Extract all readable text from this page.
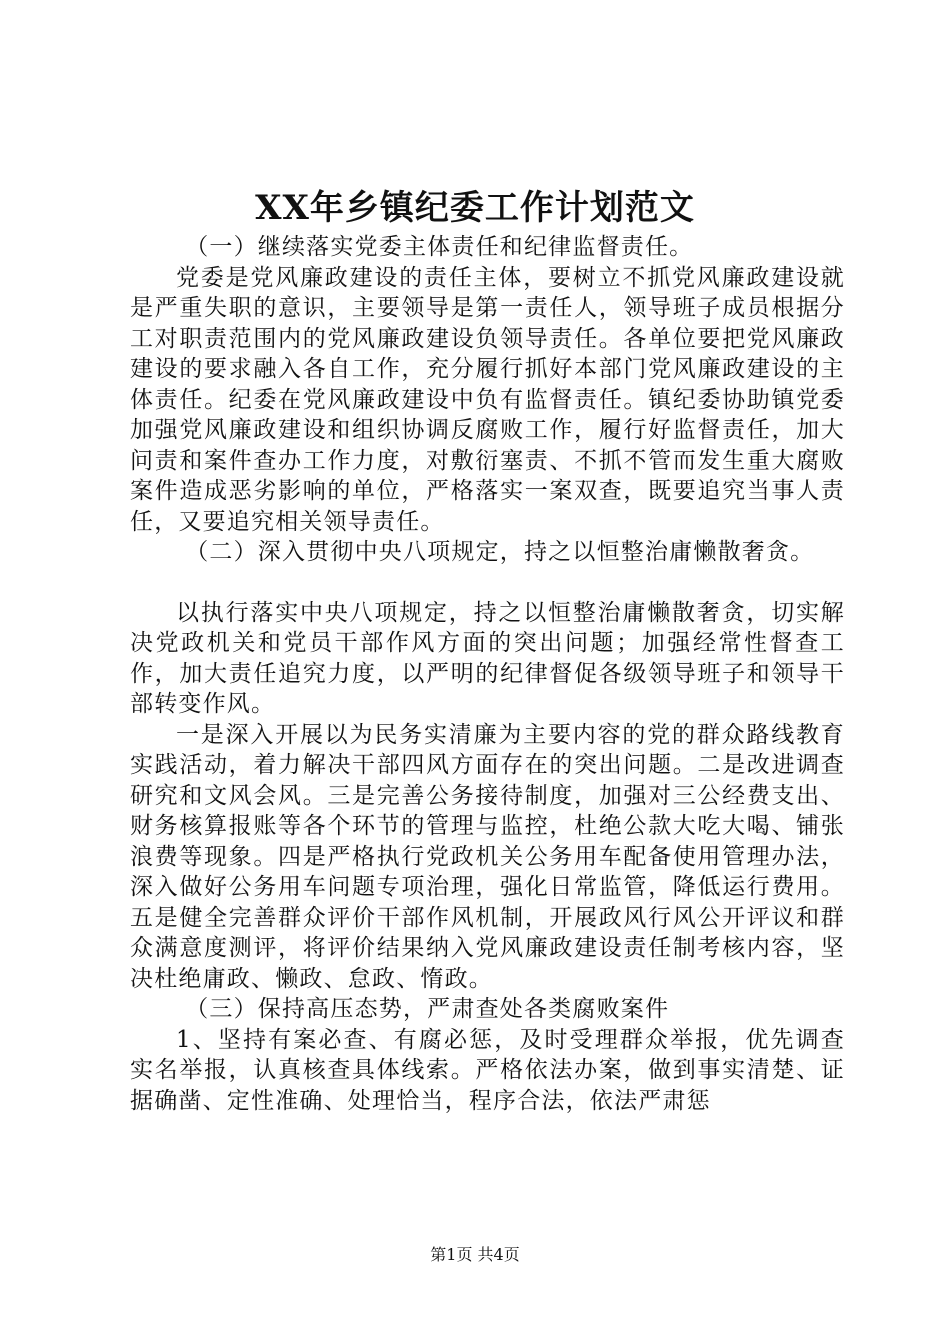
XX年乡镇纪委工作计划范文

（一）继续落实党委主体责任和纪律监督责任。

党委是党风廉政建设的责任主体，要树立不抓党风廉政建设就是严重失职的意识，主要领导是第一责任人，领导班子成员根据分工对职责范围内的党风廉政建设负领导责任。各单位要把党风廉政建设的要求融入各自工作，充分履行抓好本部门党风廉政建设的主体责任。纪委在党风廉政建设中负有监督责任。镇纪委协助镇党委加强党风廉政建设和组织协调反腐败工作，履行好监督责任，加大问责和案件查办工作力度，对敷衍塞责、不抓不管而发生重大腐败案件造成恶劣影响的单位，严格落实一案双查，既要追究当事人责任，又要追究相关领导责任。

（二）深入贯彻中央八项规定，持之以恒整治庸懒散奢贪。

以执行落实中央八项规定，持之以恒整治庸懒散奢贪，切实解决党政机关和党员干部作风方面的突出问题；加强经常性督查工作，加大责任追究力度，以严明的纪律督促各级领导班子和领导干部转变作风。

一是深入开展以为民务实清廉为主要内容的党的群众路线教育实践活动，着力解决干部四风方面存在的突出问题。二是改进调查研究和文风会风。三是完善公务接待制度，加强对三公经费支出、财务核算报账等各个环节的管理与监控，杜绝公款大吃大喝、铺张浪费等现象。四是严格执行党政机关公务用车配备使用管理办法，深入做好公务用车问题专项治理，强化日常监管，降低运行费用。五是健全完善群众评价干部作风机制，开展政风行风公开评议和群众满意度测评，将评价结果纳入党风廉政建设责任制考核内容，坚决杜绝庸政、懒政、怠政、惰政。

（三）保持高压态势，严肃查处各类腐败案件

1、坚持有案必查、有腐必惩，及时受理群众举报，优先调查实名举报，认真核查具体线索。严格依法办案，做到事实清楚、证据确凿、定性准确、处理恰当，程序合法，依法严肃惩

第1页 共4页
